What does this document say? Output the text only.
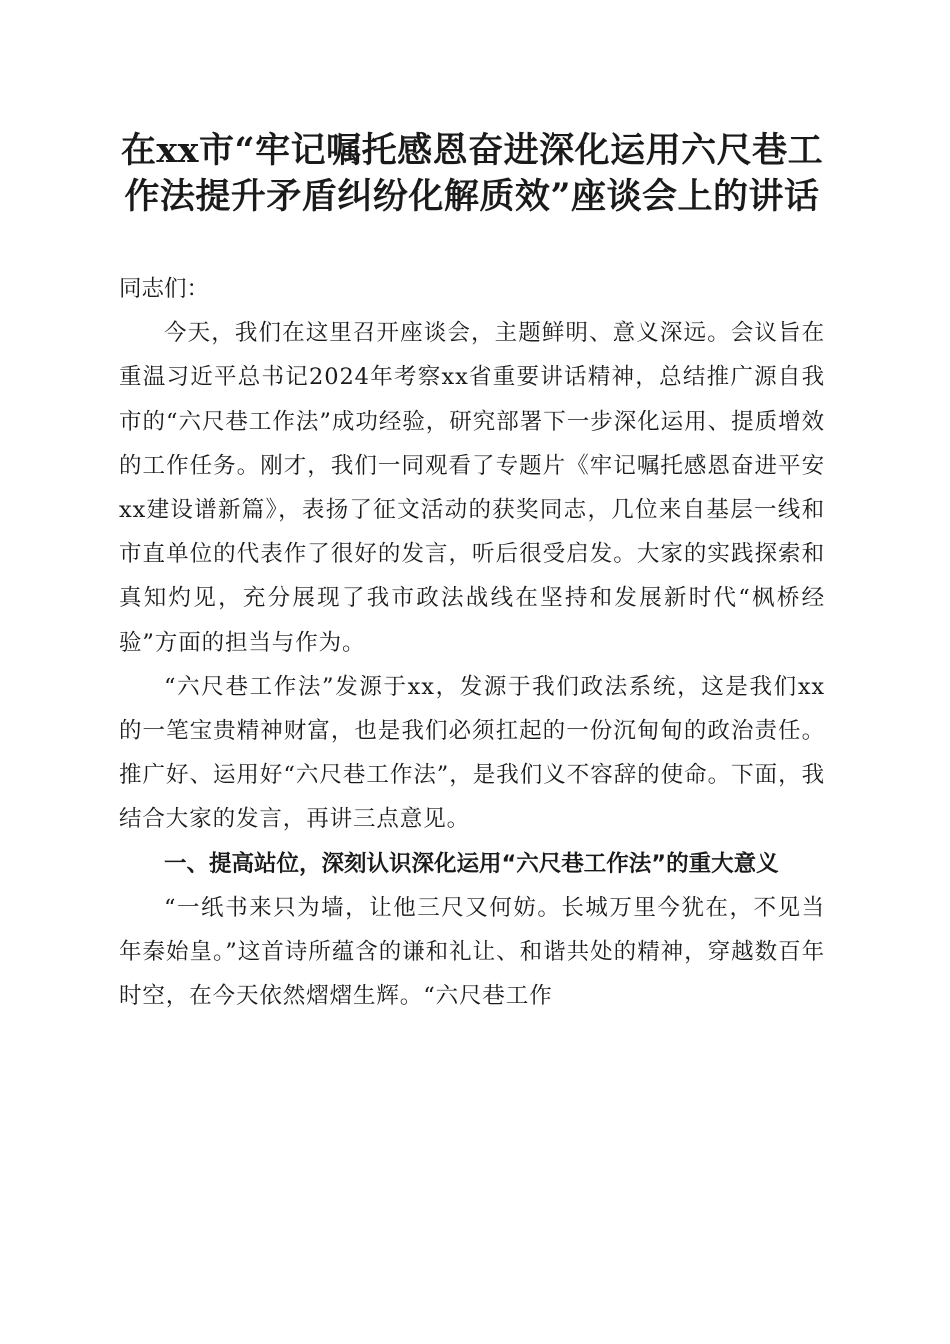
在xx市“牢记嘱托感恩奋进深化运用六尺巷工作法提升矛盾纠纷化解质效”座谈会上的讲话

同志们：

今天，我们在这里召开座谈会，主题鲜明、意义深远。会议旨在重温习近平总书记2024年考察xx省重要讲话精神，总结推广源自我市的“六尺巷工作法”成功经验，研究部署下一步深化运用、提质增效的工作任务。刚才，我们一同观看了专题片《牢记嘱托感恩奋进平安xx建设谱新篇》，表扬了征文活动的获奖同志，几位来自基层一线和市直单位的代表作了很好的发言，听后很受启发。大家的实践探索和真知灼见，充分展现了我市政法战线在坚持和发展新时代“枫桥经验”方面的担当与作为。

“六尺巷工作法”发源于xx，发源于我们政法系统，这是我们xx的一笔宝贵精神财富，也是我们必须扛起的一份沉甸甸的政治责任。推广好、运用好“六尺巷工作法”，是我们义不容辞的使命。下面，我结合大家的发言，再讲三点意见。

一、提高站位，深刻认识深化运用“六尺巷工作法”的重大意义

“一纸书来只为墙，让他三尺又何妨。长城万里今犹在，不见当年秦始皇。”这首诗所蕴含的谦和礼让、和谐共处的精神，穿越数百年时空，在今天依然熠熠生辉。“六尺巷工作
